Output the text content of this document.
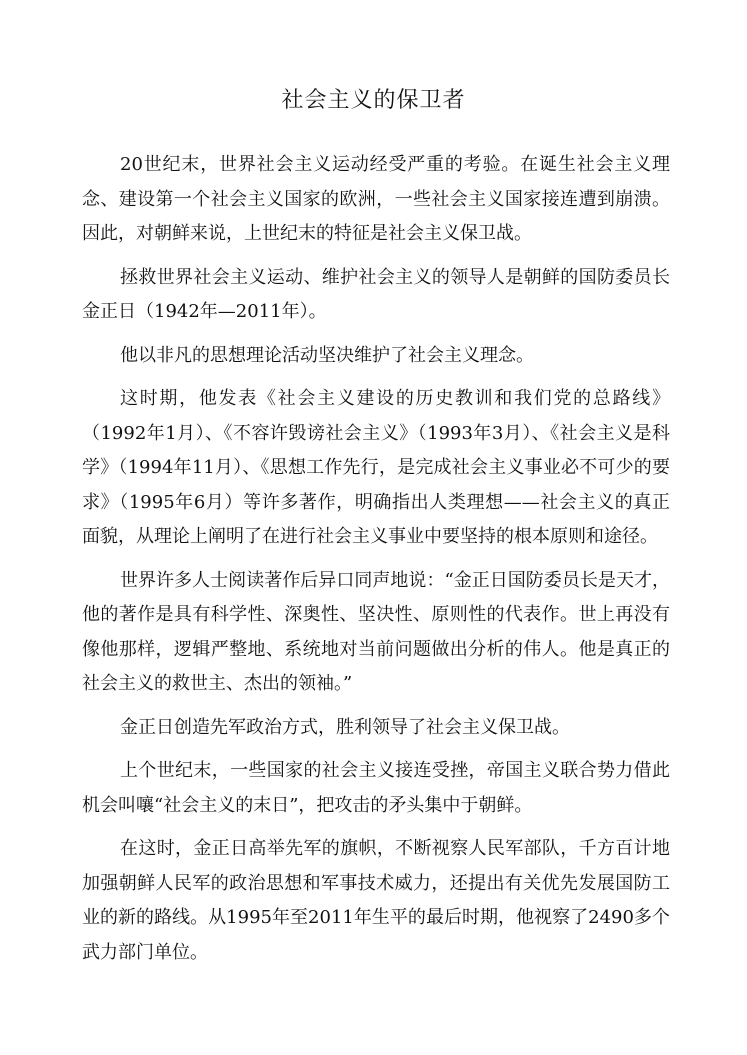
社会主义的保卫者

20世纪末，世界社会主义运动经受严重的考验。在诞生社会主义理念、建设第一个社会主义国家的欧洲，一些社会主义国家接连遭到崩溃。因此，对朝鲜来说，上世纪末的特征是社会主义保卫战。

拯救世界社会主义运动、维护社会主义的领导人是朝鲜的国防委员长金正日（1942年—2011年）。

他以非凡的思想理论活动坚决维护了社会主义理念。

这时期，他发表《社会主义建设的历史教训和我们党的总路线》（1992年1月）、《不容许毁谤社会主义》（1993年3月）、《社会主义是科学》（1994年11月）、《思想工作先行，是完成社会主义事业必不可少的要求》（1995年6月）等许多著作，明确指出人类理想——社会主义的真正面貌，从理论上阐明了在进行社会主义事业中要坚持的根本原则和途径。

世界许多人士阅读著作后异口同声地说：“金正日国防委员长是天才，他的著作是具有科学性、深奥性、坚决性、原则性的代表作。世上再没有像他那样，逻辑严整地、系统地对当前问题做出分析的伟人。他是真正的社会主义的救世主、杰出的领袖。”

金正日创造先军政治方式，胜利领导了社会主义保卫战。

上个世纪末，一些国家的社会主义接连受挫，帝国主义联合势力借此机会叫嚷“社会主义的末日”，把攻击的矛头集中于朝鲜。

在这时，金正日高举先军的旗帜，不断视察人民军部队，千方百计地加强朝鲜人民军的政治思想和军事技术威力，还提出有关优先发展国防工业的新的路线。从1995年至2011年生平的最后时期，他视察了2490多个武力部门单位。
